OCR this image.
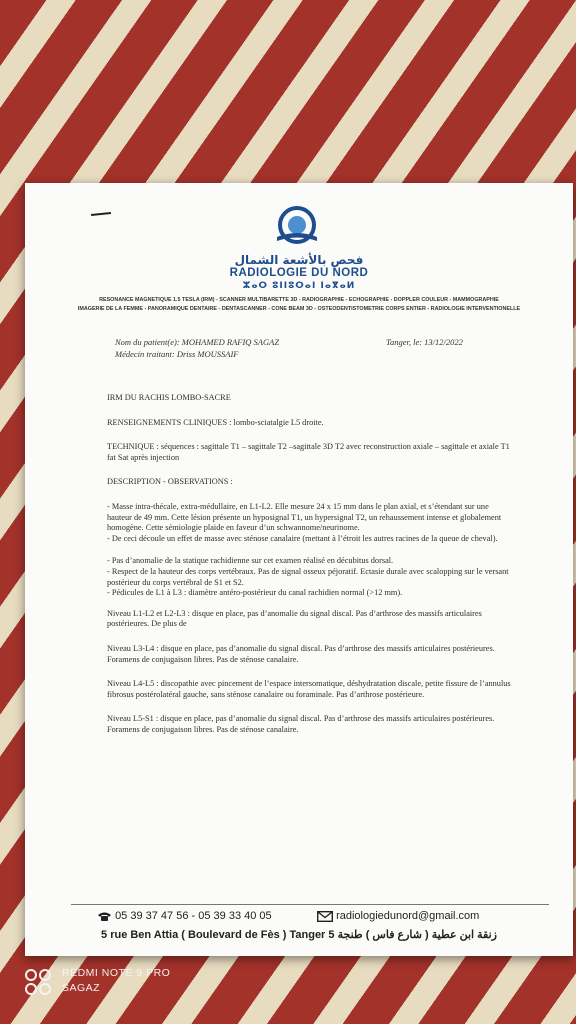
فحص بالأشعة الشمال
RADIOLOGIE DU NORD
ⵣⴰⵔ ⵓⵏⵏⵓⵔⴰⵏ ⵏⴰⴳⴰⵍ
RESONANCE MAGNETIQUE 1.5 TESLA (IRM) - SCANNER MULTIBARETTE 3D - RADIOGRAPHIE - ECHOGRAPHIE - DOPPLER COULEUR - MAMMOGRAPHIE
IMAGERIE DE LA FEMME - PANORAMIQUE DENTAIRE - DENTASCANNER - CONE BEAM 3D - OSTEODENTISTOMETRIE CORPS ENTIER - RADIOLOGIE INTERVENTIONELLE
Nom du patient(e): MOHAMED RAFIQ SAGAZ
Médecin traitant: Driss MOUSSAIF
Tanger, le: 13/12/2022

IRM DU RACHIS LOMBO-SACRE

RENSEIGNEMENTS CLINIQUES : lombo-sciatalgie L5 droite.

TECHNIQUE : séquences : sagittale T1 – sagittale T2 –sagittale 3D T2 avec reconstruction axiale – sagittale et axiale T1 fat Sat après injection

DESCRIPTION - OBSERVATIONS :

- Masse intra-thécale, extra-médullaire, en L1-L2. Elle mesure 24 x 15 mm dans le plan axial, et s’étendant sur une hauteur de 49 mm. Cette lésion présente un hyposignal T1, un hypersignal T2, un rehaussement intense et globalement homogène. Cette sémiologie plaide en faveur d’un schwannome/neurinome.

- De ceci découle un effet de masse avec sténose canalaire (mettant à l’étroit les autres racines de la queue de cheval).

- Pas d’anomalie de la statique rachidienne sur cet examen réalisé en décubitus dorsal.

- Respect de la hauteur des corps vertébraux. Pas de signal osseux péjoratif. Ectasie durale avec scalopping sur le versant postérieur du corps vertébral de S1 et S2.

- Pédicules de L1 à L3 : diamètre antéro-postérieur du canal rachidien normal (>12 mm).

Niveau L1-L2 et L2-L3 : disque en place, pas d’anomalie du signal discal. Pas d’arthrose des massifs articulaires postérieures. De plus de

Niveau L3-L4 : disque en place, pas d’anomalie du signal discal. Pas d’arthrose des massifs articulaires postérieures. Foramens de conjugaison libres. Pas de sténose canalaire.

Niveau L4-L5 : discopathie avec pincement de l’espace intersomatique, déshydratation discale, petite fissure de l’annulus fibrosus postérolatéral gauche, sans sténose canalaire ou foraminale. Pas d’arthrose postérieure.

Niveau L5-S1 : disque en place, pas d’anomalie du signal discal. Pas d’arthrose des massifs articulaires postérieures. Foramens de conjugaison libres. Pas de sténose canalaire.

05 39 37 47 56 - 05 39 33 40 05	radiologiedunord@gmail.com
5 rue Ben Attia ( Boulevard de Fès ) Tanger 5 زنقة ابن عطية ( شارع فاس ) طنجة
REDMI NOTE 9 PRO
SAGAZ
